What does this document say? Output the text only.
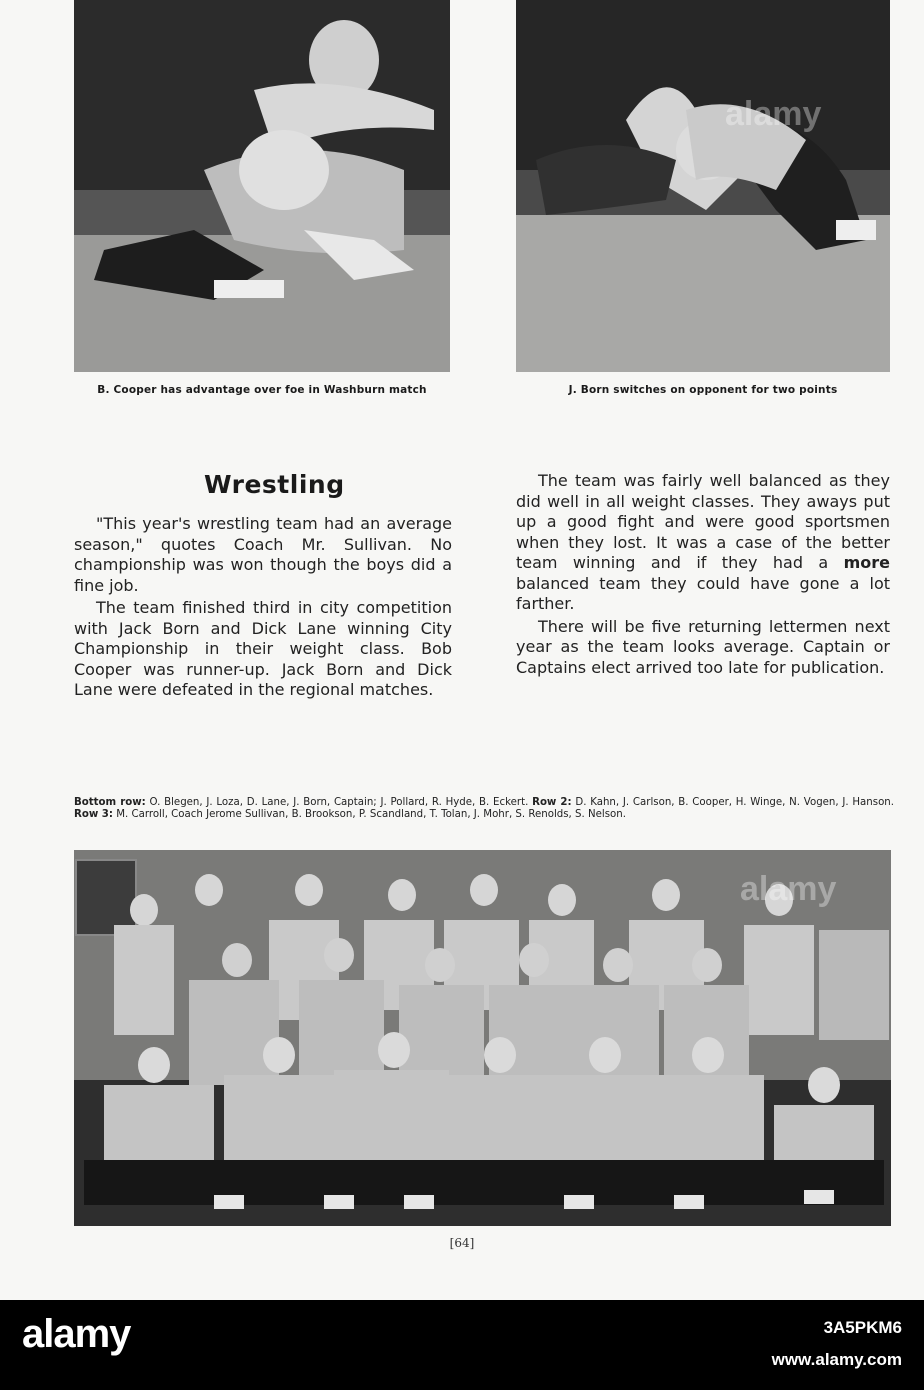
B. Cooper has advantage over foe in Washburn match	J. Born switches on opponent for two points
Wrestling

"This year's wrestling team had an average season," quotes Coach Mr. Sullivan. No championship was won though the boys did a fine job.

The team finished third in city competition with Jack Born and Dick Lane winning City Championship in their weight class. Bob Cooper was runner-up. Jack Born and Dick Lane were defeated in the regional matches.

The team was fairly well balanced as they did well in all weight classes. They aways put up a good fight and were good sportsmen when they lost. It was a case of the better team winning and if they had a more balanced team they could have gone a lot farther.

There will be five returning lettermen next year as the team looks average. Captain or Captains elect arrived too late for publication.

Bottom row: O. Blegen, J. Loza, D. Lane, J. Born, Captain; J. Pollard, R. Hyde, B. Eckert. Row 2: D. Kahn, J. Carlson, B. Cooper, H. Winge, N. Vogen, J. Hanson. Row 3: M. Carroll, Coach Jerome Sullivan, B. Brookson, P. Scandland, T. Tolan, J. Mohr, S. Renolds, S. Nelson.
[64]
alamy
alamy
alamy	3A5PKM6
www.alamy.com
